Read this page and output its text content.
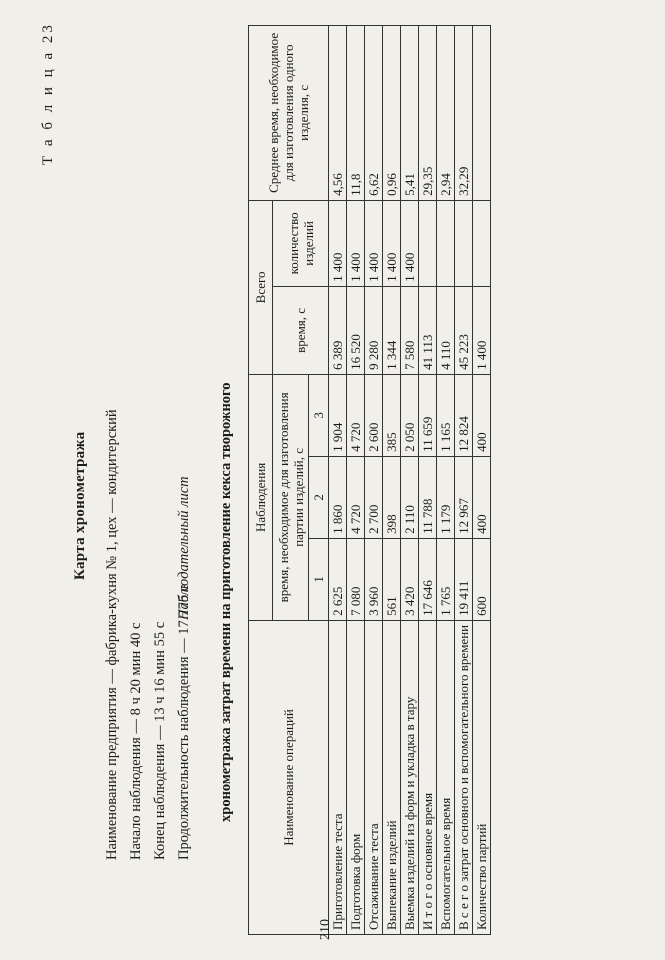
Т а б л и ц а 23
Карта хронометража Наименование предприятия — фабрика-кухня № 1, цех — кондитерский Начало наблюдения — 8 ч 20 мин 40 с Конец наблюдения — 13 ч 16 мин 55 с Продолжительность наблюдения — 17 775 с
Наблюдательный лист хронометража затрат времени на приготовление кекса творожного	Наименование операций	Наблюдения			Всего		Среднее время, необходимое для изготовления одного изделия, с
	время, необходимое для изготовления партии изделий, с			время, с	количество изделий	
	1	2	3			
Приготовление теста	2 625	1 860	1 904	6 389	1 400	4,56
Подготовка форм	7 080	4 720	4 720	16 520	1 400	11,8
Отсаживание теста	3 960	2 700	2 600	9 280	1 400	6,62
Выпекание изделий	561	398	385	1 344	1 400	0,96
Выемка изделий из форм и укладка в тару	3 420	2 110	2 050	7 580	1 400	5,41
И т о г о основное время	17 646	11 788	11 659	41 113		29,35
Вспомогательное время	1 765	1 179	1 165	4 110		2,94
В с е г о затрат основного и вспомогательного времени	19 411	12 967	12 824	45 223		32,29
Количество партий	600	400	400	1 400		
210
